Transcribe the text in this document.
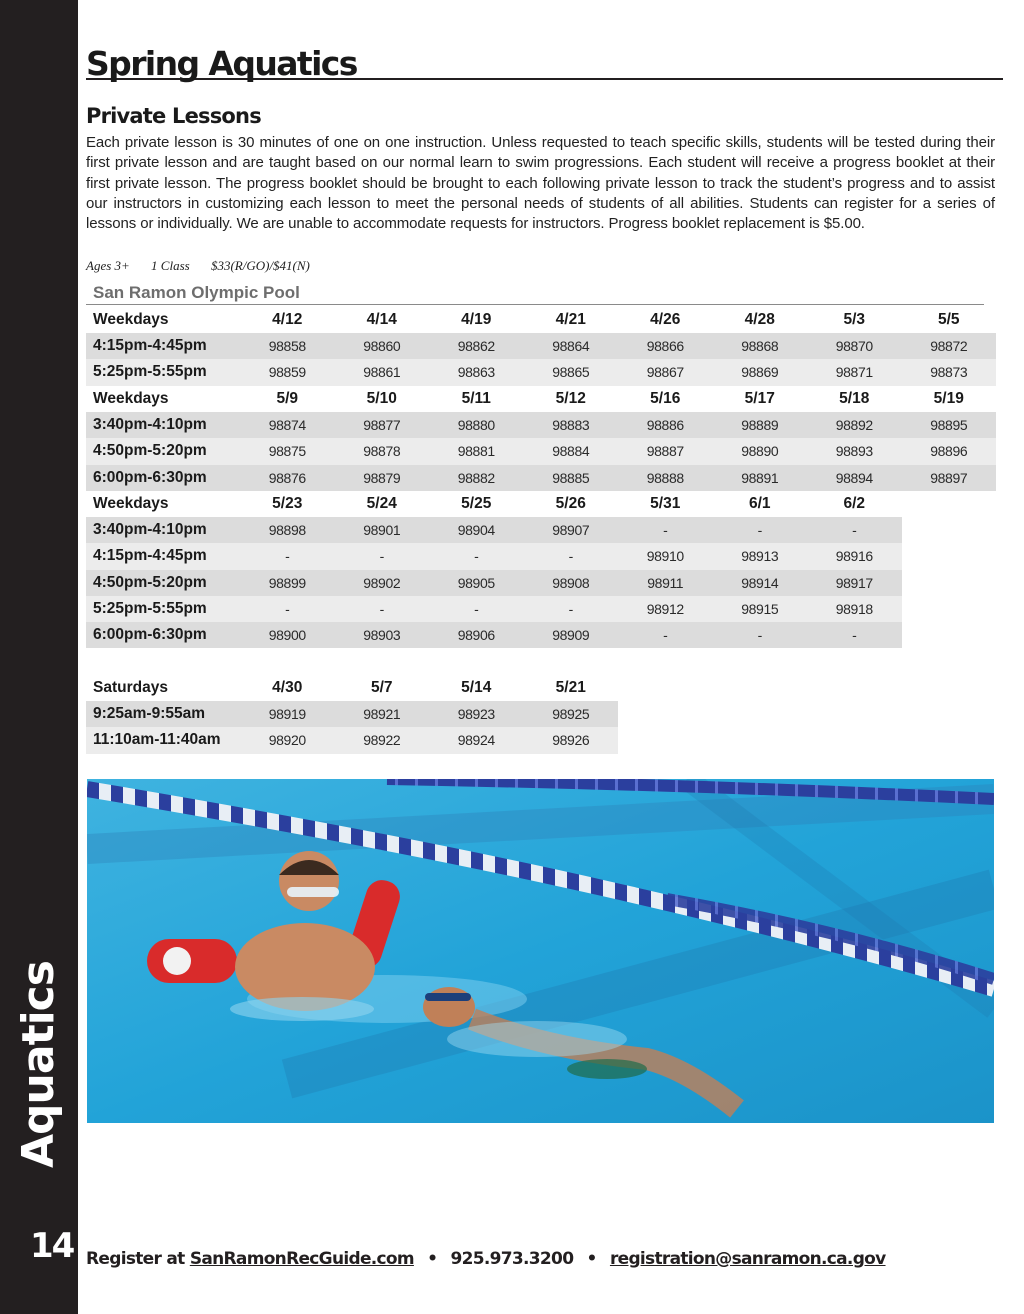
Aquatics
14
Spring Aquatics
Private Lessons
Each private lesson is 30 minutes of one on one instruction. Unless requested to teach specific skills, students will be tested during their first private lesson and are taught based on our normal learn to swim progressions. Each student will receive a progress booklet at their first private lesson. The progress booklet should be brought to each following private lesson to track the student’s progress and to assist our instructors in customizing each lesson to meet the personal needs of students of all abilities. Students can register for a series of lessons or individually. We are unable to accommodate requests for instructors. Progress booklet replacement is $5.00.
Ages 3+ 1 Class $33(R/GO)/$41(N)
San Ramon Olympic Pool
Weekdays	4/12	4/14	4/19	4/21	4/26	4/28	5/3	5/5
4:15pm-4:45pm	98858	98860	98862	98864	98866	98868	98870	98872
5:25pm-5:55pm	98859	98861	98863	98865	98867	98869	98871	98873
Weekdays	5/9	5/10	5/11	5/12	5/16	5/17	5/18	5/19
3:40pm-4:10pm	98874	98877	98880	98883	98886	98889	98892	98895
4:50pm-5:20pm	98875	98878	98881	98884	98887	98890	98893	98896
6:00pm-6:30pm	98876	98879	98882	98885	98888	98891	98894	98897
Weekdays	5/23	5/24	5/25	5/26	5/31	6/1	6/2
3:40pm-4:10pm	98898	98901	98904	98907	-	-	-
4:15pm-4:45pm	-	-	-	-	98910	98913	98916
4:50pm-5:20pm	98899	98902	98905	98908	98911	98914	98917
5:25pm-5:55pm	-	-	-	-	98912	98915	98918
6:00pm-6:30pm	98900	98903	98906	98909	-	-	-
Saturdays	4/30	5/7	5/14	5/21
9:25am-9:55am	98919	98921	98923	98925
11:10am-11:40am	98920	98922	98924	98926
Register at SanRamonRecGuide.com • 925.973.3200 • registration@sanramon.ca.gov
